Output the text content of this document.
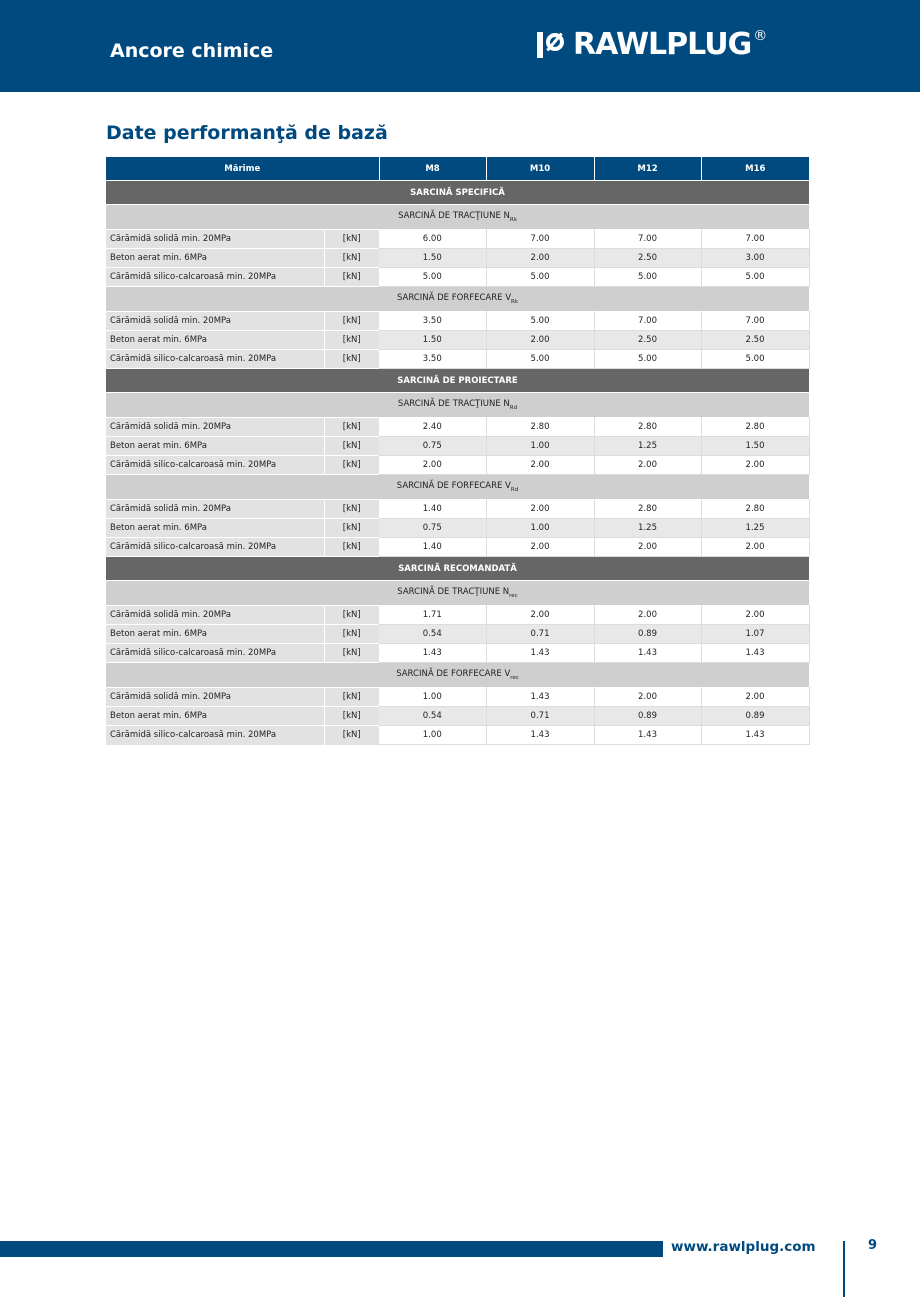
Ancore chimice	RAWLPLUG ®
Date performanţă de bază
Mărime		M8	M10	M12	M16
SARCINĂ SPECIFICĂ					
SARCINĂ DE TRACŢIUNE $N_{Rk}$
Cărămidă solidă min. 20MPa	[kN]	6.00	7.00	7.00	7.00
Beton aerat min. 6MPa	[kN]	1.50	2.00	2.50	3.00
Cărămidă silico-calcaroasă min. 20MPa	[kN]	5.00	5.00	5.00	5.00
SARCINĂ DE FORFECARE $V_{Rk}$
Cărămidă solidă min. 20MPa	[kN]	3.50	5.00	7.00	7.00
Beton aerat min. 6MPa	[kN]	1.50	2.00	2.50	2.50
Cărămidă silico-calcaroasă min. 20MPa	[kN]	3.50	5.00	5.00	5.00
SARCINĂ DE PROIECTARE					
SARCINĂ DE TRACŢIUNE $N_{Rd}$
Cărămidă solidă min. 20MPa	[kN]	2.40	2.80	2.80	2.80
Beton aerat min. 6MPa	[kN]	0.75	1.00	1.25	1.50
Cărămidă silico-calcaroasă min. 20MPa	[kN]	2.00	2.00	2.00	2.00
SARCINĂ DE FORFECARE $V_{Rd}$
Cărămidă solidă min. 20MPa	[kN]	1.40	2.00	2.80	2.80
Beton aerat min. 6MPa	[kN]	0.75	1.00	1.25	1.25
Cărămidă silico-calcaroasă min. 20MPa	[kN]	1.40	2.00	2.00	2.00
SARCINĂ RECOMANDATĂ					
SARCINĂ DE TRACŢIUNE $N_{rec}$
Cărămidă solidă min. 20MPa	[kN]	1.71	2.00	2.00	2.00
Beton aerat min. 6MPa	[kN]	0.54	0.71	0.89	1.07
Cărămidă silico-calcaroasă min. 20MPa	[kN]	1.43	1.43	1.43	1.43
SARCINĂ DE FORFECARE $V_{rec}$
Cărămidă solidă min. 20MPa	[kN]	1.00	1.43	2.00	2.00
Beton aerat min. 6MPa	[kN]	0.54	0.71	0.89	0.89
Cărămidă silico-calcaroasă min. 20MPa	[kN]	1.00	1.43	1.43	1.43
www.rawlplug.com	9
